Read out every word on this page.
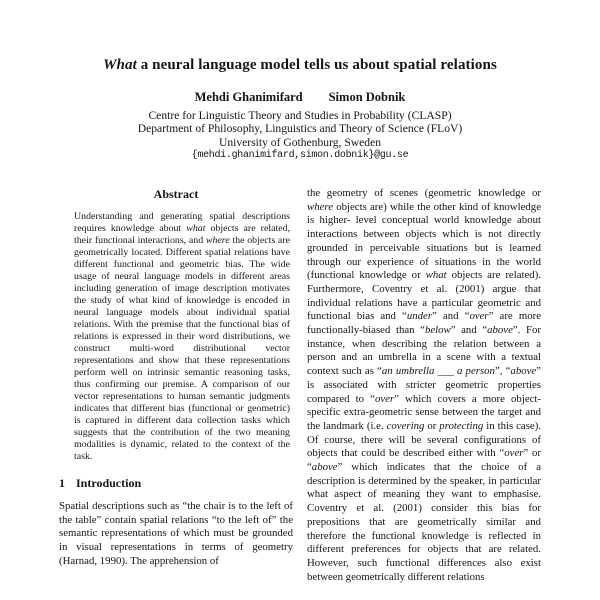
What a neural language model tells us about spatial relations
Mehdi Ghanimifard Simon Dobnik
Centre for Linguistic Theory and Studies in Probability (CLASP)
Department of Philosophy, Linguistics and Theory of Science (FLoV)
University of Gothenburg, Sweden
{mehdi.ghanimifard,simon.dobnik}@gu.se
Abstract

Understanding and generating spatial descriptions requires knowledge about what objects are related, their functional interactions, and where the objects are geometrically located. Different spatial relations have different functional and geometric bias. The wide usage of neural language models in different areas including generation of image description motivates the study of what kind of knowledge is encoded in neural language models about individual spatial relations. With the premise that the functional bias of relations is expressed in their word distributions, we construct multi-word distributional vector representations and show that these representations perform well on intrinsic semantic reasoning tasks, thus confirming our premise. A comparison of our vector representations to human semantic judgments indicates that different bias (functional or geometric) is captured in different data collection tasks which suggests that the contribution of the two meaning modalities is dynamic, related to the context of the task.

1 Introduction

Spatial descriptions such as “the chair is to the left of the table” contain spatial relations “to the left of” the semantic representations of which must be grounded in visual representations in terms of geometry (Harnad, 1990). The apprehension of

the geometry of scenes (geometric knowledge or where objects are) while the other kind of knowledge is higher- level conceptual world knowledge about interactions between objects which is not directly grounded in perceivable situations but is learned through our experience of situations in the world (functional knowledge or what objects are related). Furthermore, Coventry et al. (2001) argue that individual relations have a particular geometric and functional bias and “under” and “over” are more functionally-biased than “below” and “above”. For instance, when describing the relation between a person and an umbrella in a scene with a textual context such as “an umbrella ___ a person”, “above” is associated with stricter geometric properties compared to “over” which covers a more object-specific extra-geometric sense between the target and the landmark (i.e. covering or protecting in this case). Of course, there will be several configurations of objects that could be described either with “over” or “above” which indicates that the choice of a description is determined by the speaker, in particular what aspect of meaning they want to emphasise. Coventry et al. (2001) consider this bias for prepositions that are geometrically similar and therefore the functional knowledge is reflected in different preferences for objects that are related. However, such functional differences also exist between geometrically different relations
